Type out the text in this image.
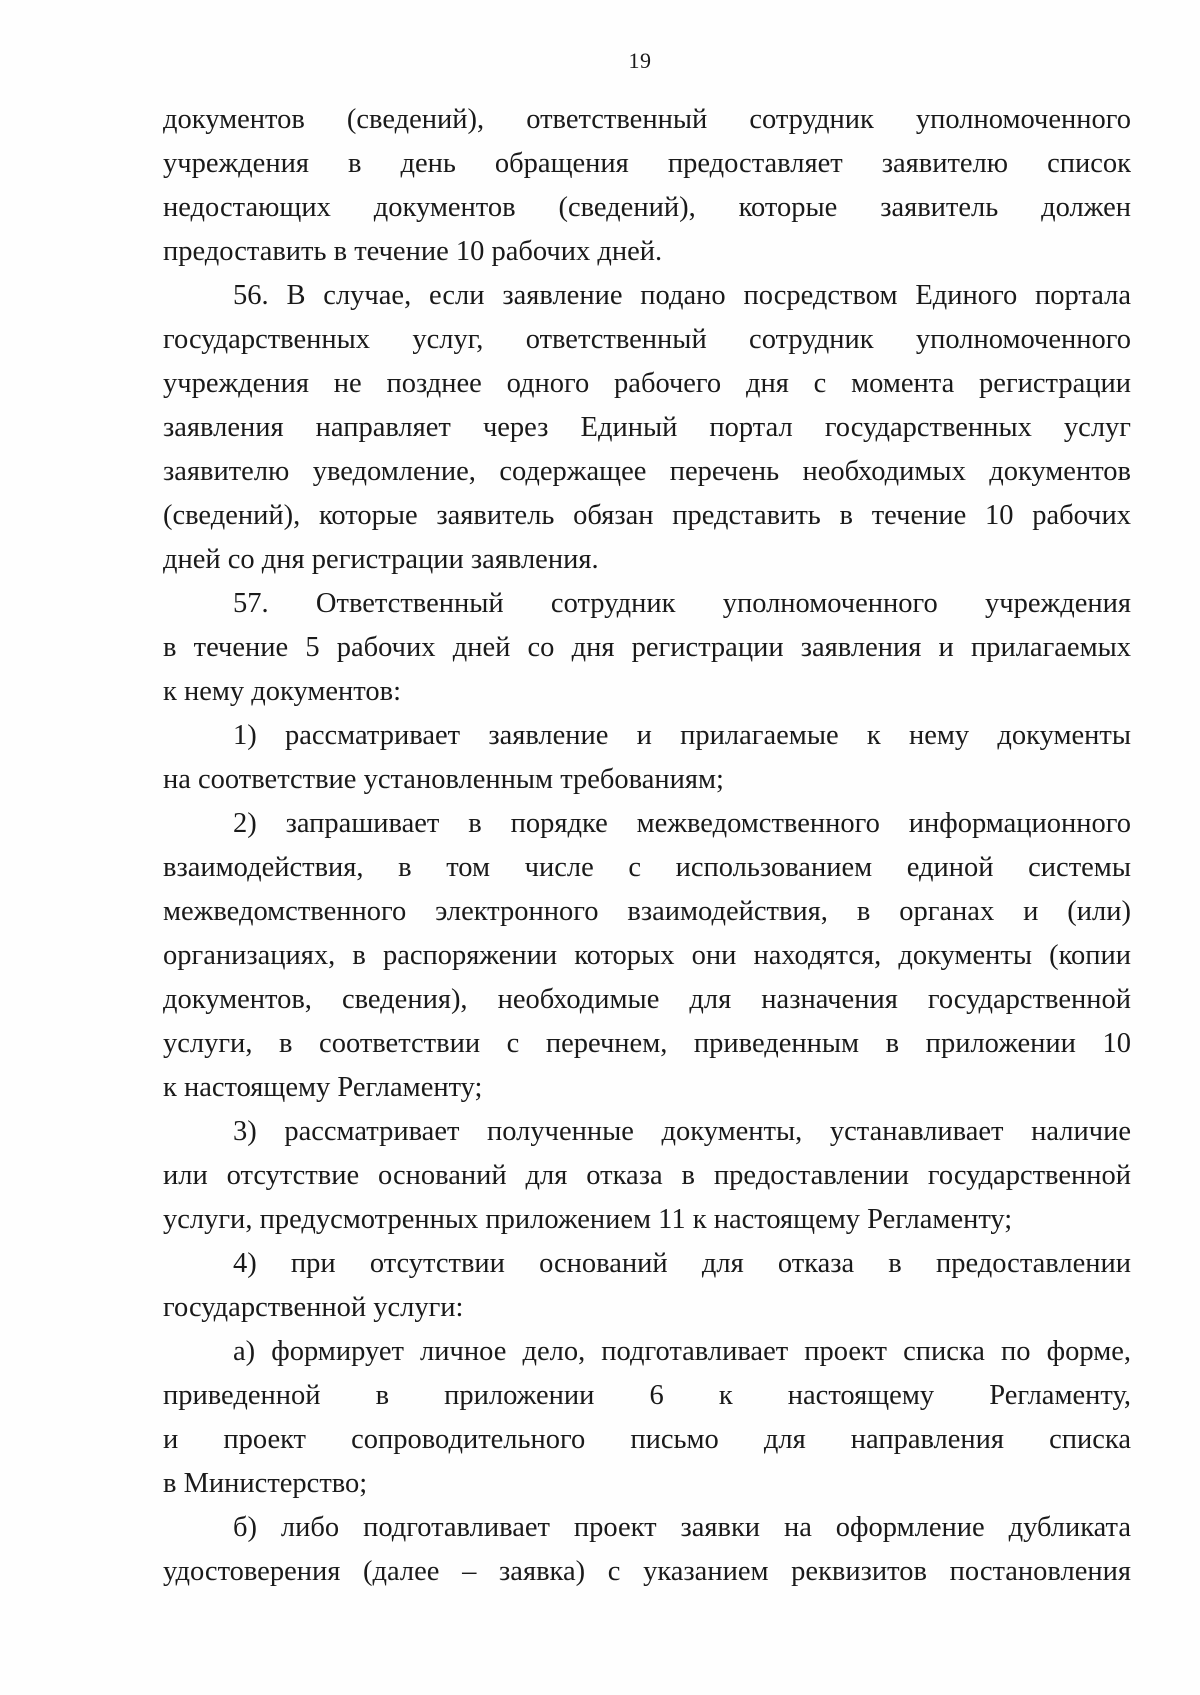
19
документов (сведений), ответственный сотрудник уполномоченного
учреждения в день обращения предоставляет заявителю список
недостающих документов (сведений), которые заявитель должен
предоставить в течение 10 рабочих дней.
56. В случае, если заявление подано посредством Единого портала
государственных услуг, ответственный сотрудник уполномоченного
учреждения не позднее одного рабочего дня с момента регистрации
заявления направляет через Единый портал государственных услуг
заявителю уведомление, содержащее перечень необходимых документов
(сведений), которые заявитель обязан представить в течение 10 рабочих
дней со дня регистрации заявления.
57. Ответственный сотрудник уполномоченного учреждения
в течение 5 рабочих дней со дня регистрации заявления и прилагаемых
к нему документов:
1) рассматривает заявление и прилагаемые к нему документы
на соответствие установленным требованиям;
2) запрашивает в порядке межведомственного информационного
взаимодействия, в том числе с использованием единой системы
межведомственного электронного взаимодействия, в органах и (или)
организациях, в распоряжении которых они находятся, документы (копии
документов, сведения), необходимые для назначения государственной
услуги, в соответствии с перечнем, приведенным в приложении 10
к настоящему Регламенту;
3) рассматривает полученные документы, устанавливает наличие
или отсутствие оснований для отказа в предоставлении государственной
услуги, предусмотренных приложением 11 к настоящему Регламенту;
4) при отсутствии оснований для отказа в предоставлении
государственной услуги:
а) формирует личное дело, подготавливает проект списка по форме,
приведенной в приложении 6 к настоящему Регламенту,
и проект сопроводительного письмо для направления списка
в Министерство;
б) либо подготавливает проект заявки на оформление дубликата
удостоверения (далее – заявка) с указанием реквизитов постановления
